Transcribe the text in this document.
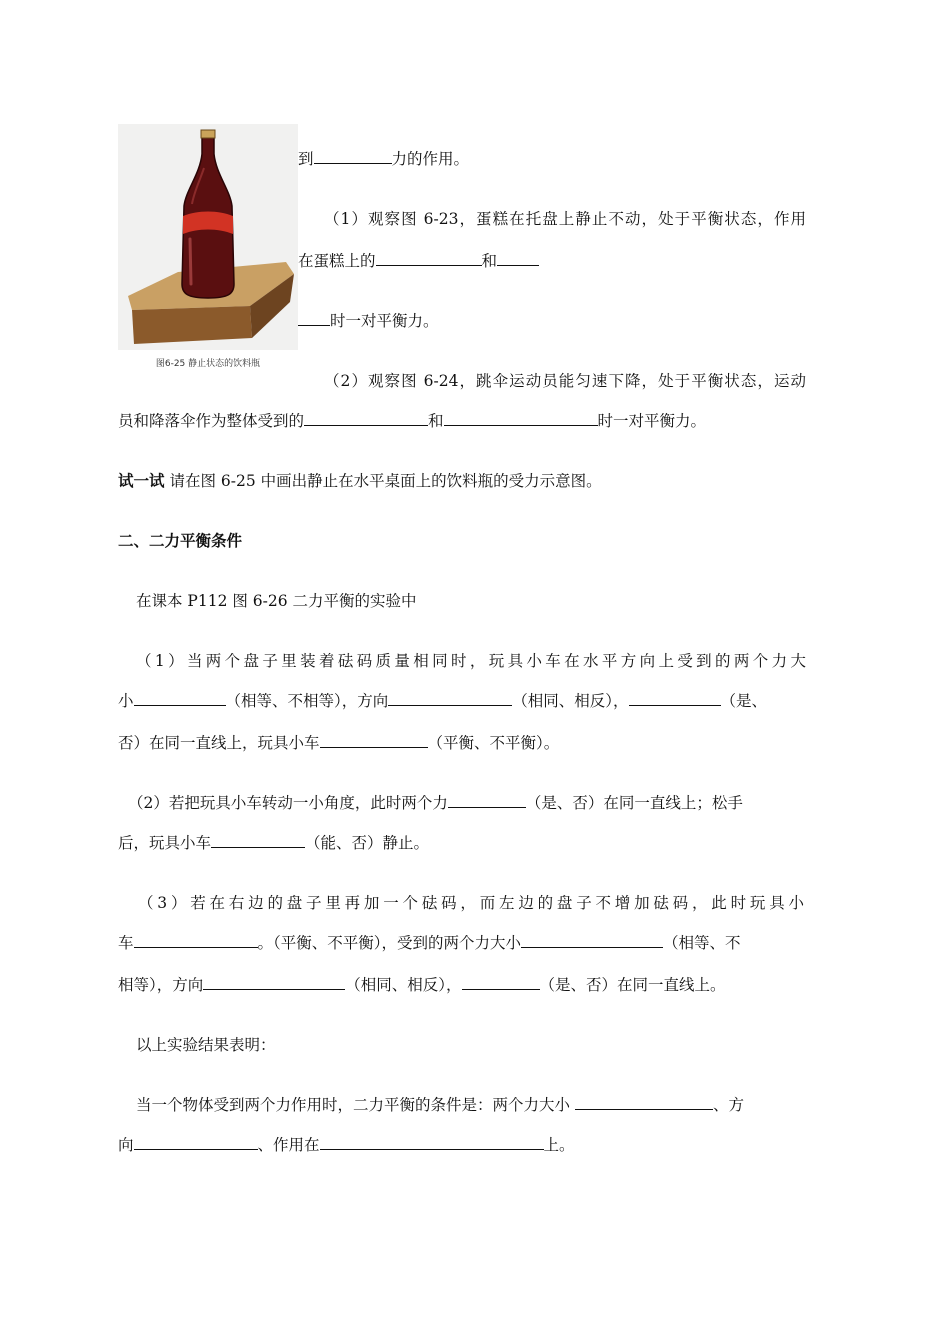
图6-25 静止状态的饮料瓶
到	力的作用。
（1）观察图 6-23，蛋糕在托盘上静止不动，处于平衡状态，作用
在蛋糕上的	和
时一对平衡力。
（2）观察图 6-24，跳伞运动员能匀速下降，处于平衡状态，运动
员和降落伞作为整体受到的	和	时一对平衡力。
试一试 请在图 6-25 中画出静止在水平桌面上的饮料瓶的受力示意图。
二、二力平衡条件
在课本 P112 图 6-26 二力平衡的实验中
（1）当两个盘子里装着砝码质量相同时，玩具小车在水平方向上受到的两个力大
小	（相等、不相等），方向	（相同、相反），	（是、
否）在同一直线上，玩具小车	（平衡、不平衡）。
（2）若把玩具小车转动一小角度，此时两个力	（是、否）在同一直线上；松手
后，玩具小车	（能、否）静止。
（3）若在右边的盘子里再加一个砝码，而左边的盘子不增加砝码，此时玩具小
车	。（平衡、不平衡），受到的两个力大小	（相等、不
相等），方向	（相同、相反），	（是、否）在同一直线上。
以上实验结果表明：
当一个物体受到两个力作用时，二力平衡的条件是：两个力大小	、方
向	、作用在	上。
